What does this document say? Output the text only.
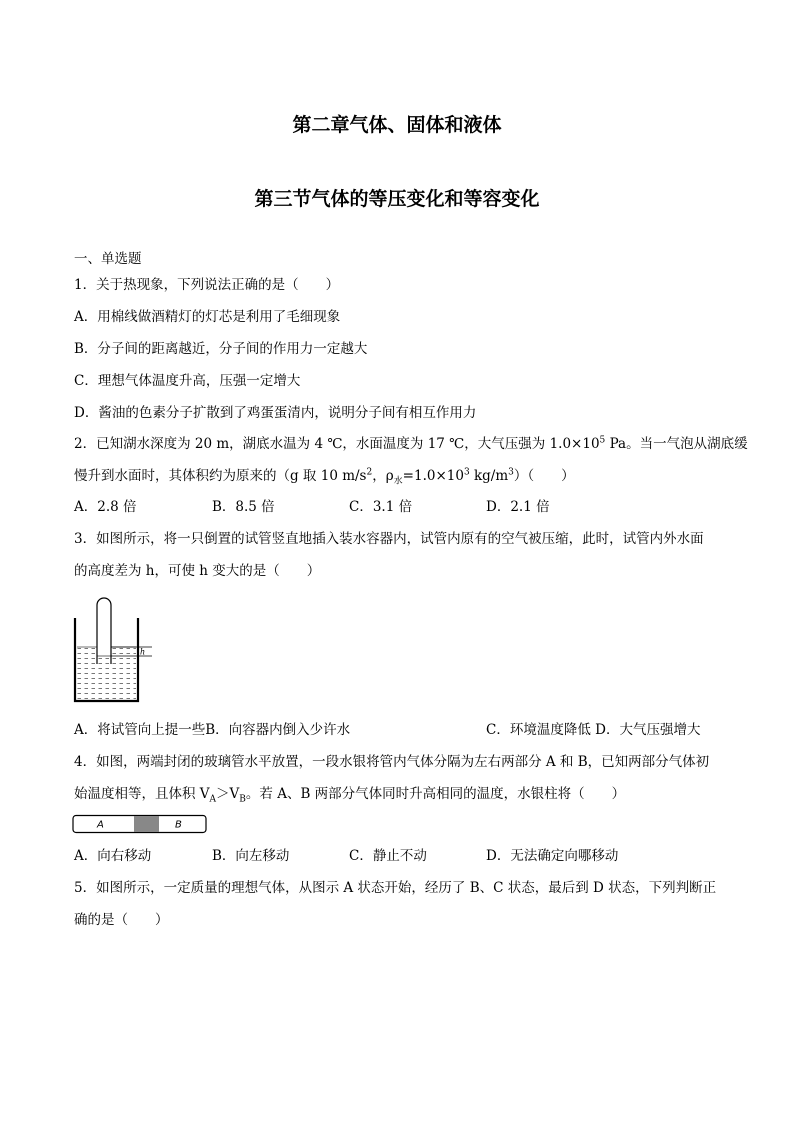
第二章气体、固体和液体
第三节气体的等压变化和等容变化
一、单选题
1．关于热现象，下列说法正确的是（　　）
A．用棉线做酒精灯的灯芯是利用了毛细现象
B．分子间的距离越近，分子间的作用力一定越大
C．理想气体温度升高，压强一定增大
D．酱油的色素分子扩散到了鸡蛋蛋清内，说明分子间有相互作用力
2．已知湖水深度为 20 m，湖底水温为 4 ℃，水面温度为 17 ℃，大气压强为 $1.0\times 10^5$ Pa。当一气泡从湖底缓
慢升到水面时，其体积约为原来的（g 取 10 $m/s^2$，$\rho_水=1.0\times 10^3$ $kg/m^3$）（　　）
A．2.8 倍	B．8.5 倍	C．3.1 倍	D．2.1 倍
3．如图所示，将一只倒置的试管竖直地插入装水容器内，试管内原有的空气被压缩，此时，试管内外水面
的高度差为 h，可使 h 变大的是（　　）
h
A．将试管向上提一些B．向容器内倒入少许水	C．环境温度降低 D．大气压强增大
4．如图，两端封闭的玻璃管水平放置，一段水银将管内气体分隔为左右两部分 A 和 B，已知两部分气体初
始温度相等，且体积 $V_A>V_B$。若 A、B 两部分气体同时升高相同的温度，水银柱将（　　）
A	B
A．向右移动	B．向左移动	C．静止不动	D．无法确定向哪移动
5．如图所示，一定质量的理想气体，从图示 A 状态开始，经历了 B、C 状态，最后到 D 状态，下列判断正
确的是（　　）
